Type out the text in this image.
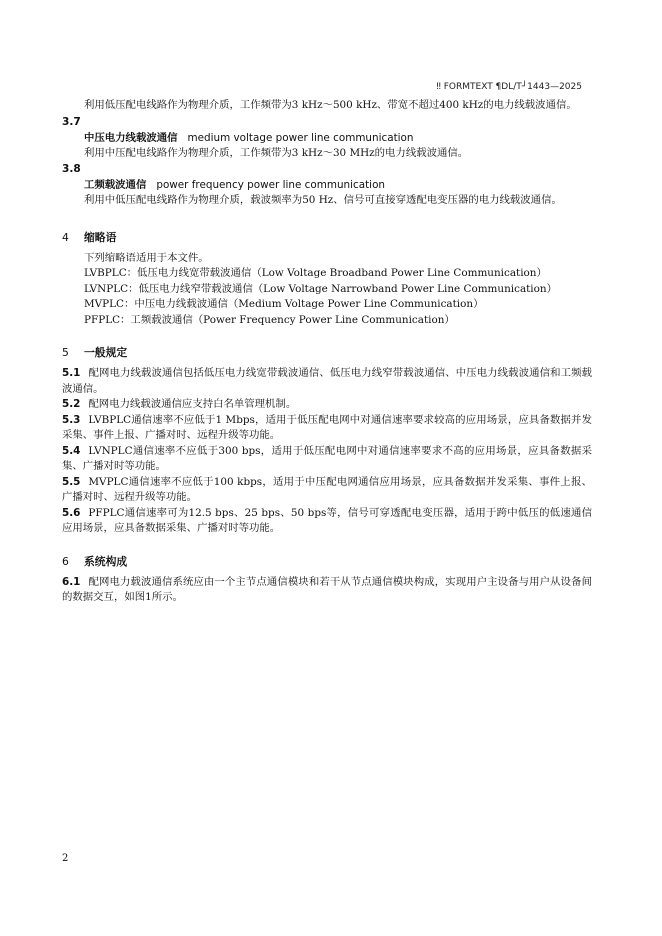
‼ FORMTEXT ¶DL/T┘1443—2025

利用低压配电线路作为物理介质，工作频带为3 kHz～500 kHz、带宽不超过400 kHz的电力线载波通信。

3.7

中压电力线载波通信 medium voltage power line communication

利用中压配电线路作为物理介质，工作频带为3 kHz～30 MHz的电力线载波通信。

3.8

工频载波通信 power frequency power line communication

利用中低压配电线路作为物理介质，载波频率为50 Hz、信号可直接穿透配电变压器的电力线载波通信。

4 缩略语

下列缩略语适用于本文件。

LVBPLC：低压电力线宽带载波通信（Low Voltage Broadband Power Line Communication）

LVNPLC：低压电力线窄带载波通信（Low Voltage Narrowband Power Line Communication）

MVPLC：中压电力线载波通信（Medium Voltage Power Line Communication）

PFPLC：工频载波通信（Power Frequency Power Line Communication）

5 一般规定

5.1 配网电力线载波通信包括低压电力线宽带载波通信、低压电力线窄带载波通信、中压电力线载波通信和工频载波通信。

5.2 配网电力线载波通信应支持白名单管理机制。

5.3 LVBPLC通信速率不应低于1 Mbps，适用于低压配电网中对通信速率要求较高的应用场景，应具备数据并发采集、事件上报、广播对时、远程升级等功能。

5.4 LVNPLC通信速率不应低于300 bps，适用于低压配电网中对通信速率要求不高的应用场景，应具备数据采集、广播对时等功能。

5.5 MVPLC通信速率不应低于100 kbps，适用于中压配电网通信应用场景，应具备数据并发采集、事件上报、广播对时、远程升级等功能。

5.6 PFPLC通信速率可为12.5 bps、25 bps、50 bps等，信号可穿透配电变压器，适用于跨中低压的低速通信应用场景，应具备数据采集、广播对时等功能。

6 系统构成

6.1 配网电力载波通信系统应由一个主节点通信模块和若干从节点通信模块构成，实现用户主设备与用户从设备间的数据交互，如图1所示。

2
